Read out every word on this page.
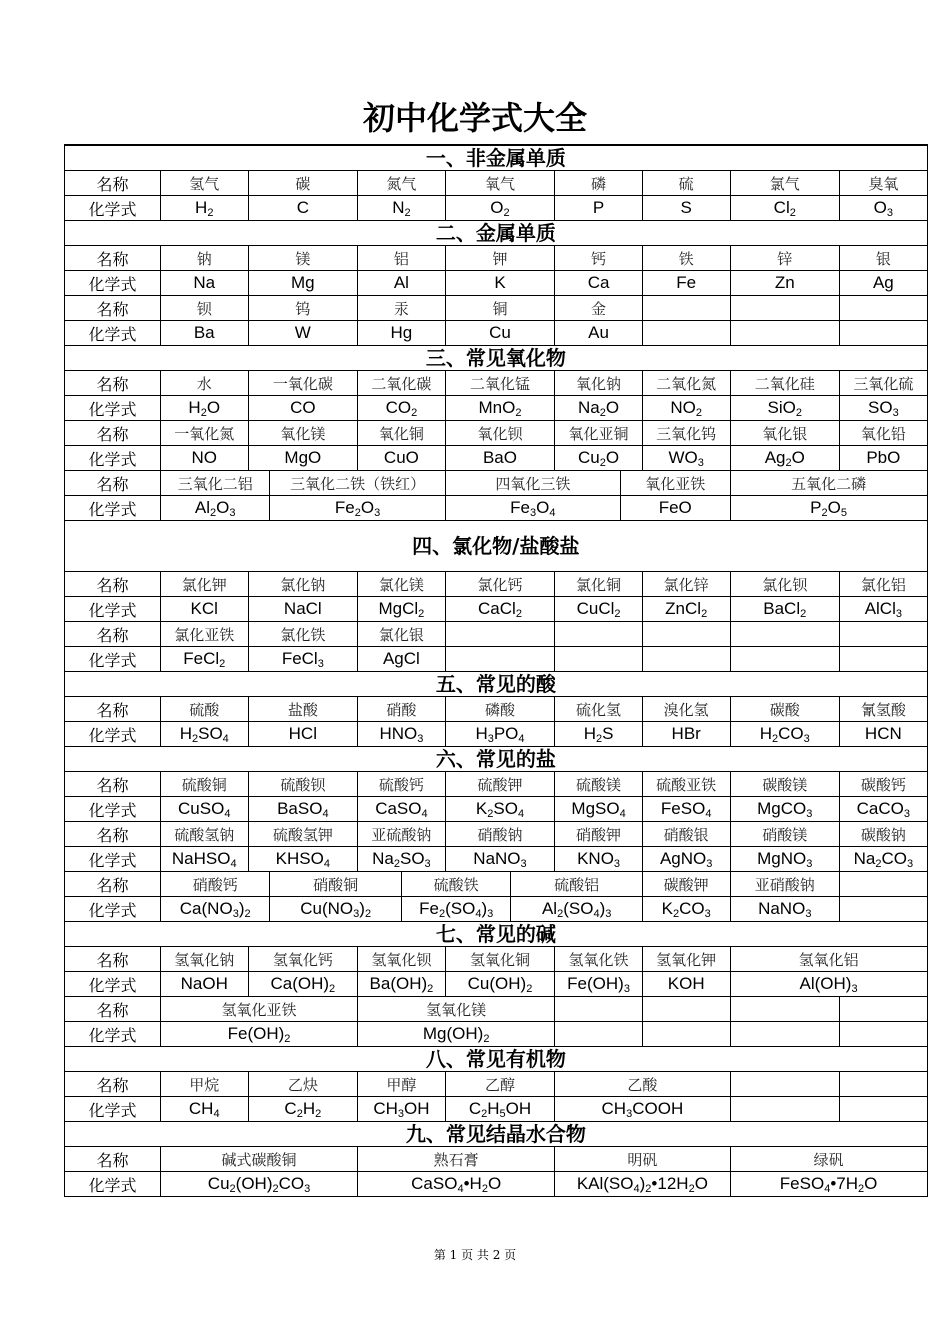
初中化学式大全

一、非金属单质																																							
名称					氢气				碳					氮气				氧气					磷				硫				氯气					臭氧			
化学式					$H_2$				C					$N_2$				$O_2$					P				S				$Cl_2$					$O_3$
二、金属单质																																							
名称					钠				镁					铝				钾					钙				铁				锌					银			
化学式					Na				Mg					Al				K					Ca				Fe				Zn					Ag			
名称					钡				钨					汞				铜					金																
化学式					Ba				W					Hg				Cu					Au																
三、常见氧化物																																							
名称					水				一氧化碳					二氧化碳				二氧化锰					氧化钠				二氧化氮				二氧化硅					三氧化硫			
化学式					$H_2O$				CO					$CO_2$				MnO$_2$					$Na_2O$				$NO_2$				SiO$_2$					$SO_3$
名称					一氧化氮				氧化镁					氧化铜				氧化钡					氧化亚铜				三氧化钨				氧化银					氧化铅			
化学式					NO				MgO					CuO				BaO					$Cu_2O$				$WO_3$				$Ag_2O$					PbO			
名称					三氧化二铝					三氧化二铁（铁红）								四氧化三铁								氧化亚铁					五氧化二磷								
化学式					$Al_2O_3$					$Fe_2O_3$								$Fe_3O_4$								FeO					$P_2O_5$
四、氯化物/盐酸盐																																							
名称					氯化钾				氯化钠					氯化镁				氯化钙					氯化铜				氯化锌				氯化钡					氯化铝			
化学式					KCl				NaCl					MgCl$_2$				CaCl$_2$					CuCl$_2$				ZnCl$_2$				BaCl$_2$					AlCl$_3$
名称					氯化亚铁				氯化铁					氯化银																									
化学式					FeCl$_2$				FeCl$_3$					AgCl																									
五、常见的酸																																							
名称					硫酸				盐酸					硝酸				磷酸					硫化氢				溴化氢				碳酸					氰氢酸			
化学式					$H_2SO_4$				HCl					$HNO_3$				$H_3PO_4$					$H_2S$				HBr				$H_2CO_3$					HCN			
六、常见的盐																																							
名称					硫酸铜				硫酸钡					硫酸钙				硫酸钾					硫酸镁				硫酸亚铁				碳酸镁					碳酸钙			
化学式					CuSO$_4$				BaSO$_4$					CaSO$_4$				$K_2SO_4$					MgSO$_4$				FeSO$_4$				MgCO$_3$					CaCO$_3$
名称					硫酸氢钠				硫酸氢钾					亚硫酸钠				硝酸钠					硝酸钾				硝酸银				硝酸镁					碳酸钠			
化学式					NaHSO$_4$				$KHSO_4$					$Na_2SO_3$				NaNO$_3$					$KNO_3$				AgNO$_3$				MgNO$_3$					$Na_2CO_3$
名称					硝酸钙					硝酸铜						硫酸铁					硫酸铝						碳酸钾				亚硝酸钠								
化学式					$Ca(NO_3)_2$					$Cu(NO_3)_2$						$Fe_2(SO_4)_3$					$Al_2(SO_4)_3$						$K_2CO_3$				NaNO$_3$	
七、常见的碱																																							
名称					氢氧化钠				氢氧化钙					氢氧化钡				氢氧化铜					氢氧化铁				氢氧化钾				氢氧化铝								
化学式					NaOH				$Ca(OH)_2$					$Ba(OH)_2$				$Cu(OH)_2$					$Fe(OH)_3$				KOH				$Al(OH)_3$
名称					氢氧化亚铁									氢氧化镁																									
化学式					$Fe(OH)_2$									$Mg(OH)_2$				
八、常见有机物																																							
名称					甲烷				乙炔					甲醇				乙醇					乙酸																
化学式					$CH_4$				$C_2H_2$					$CH_3OH$				$C_2H_5OH$					$CH_3COOH$																
九、常见结晶水合物																																							
名称					碱式碳酸铜									熟石膏									明矾								绿矾								
化学式					$Cu_2(OH)_2CO_3$									$CaSO_4•H_2O$									$KAl(SO_4)_2•12H_2O$								$FeSO_4•7H_2O$								
第 1 页 共 2 页
